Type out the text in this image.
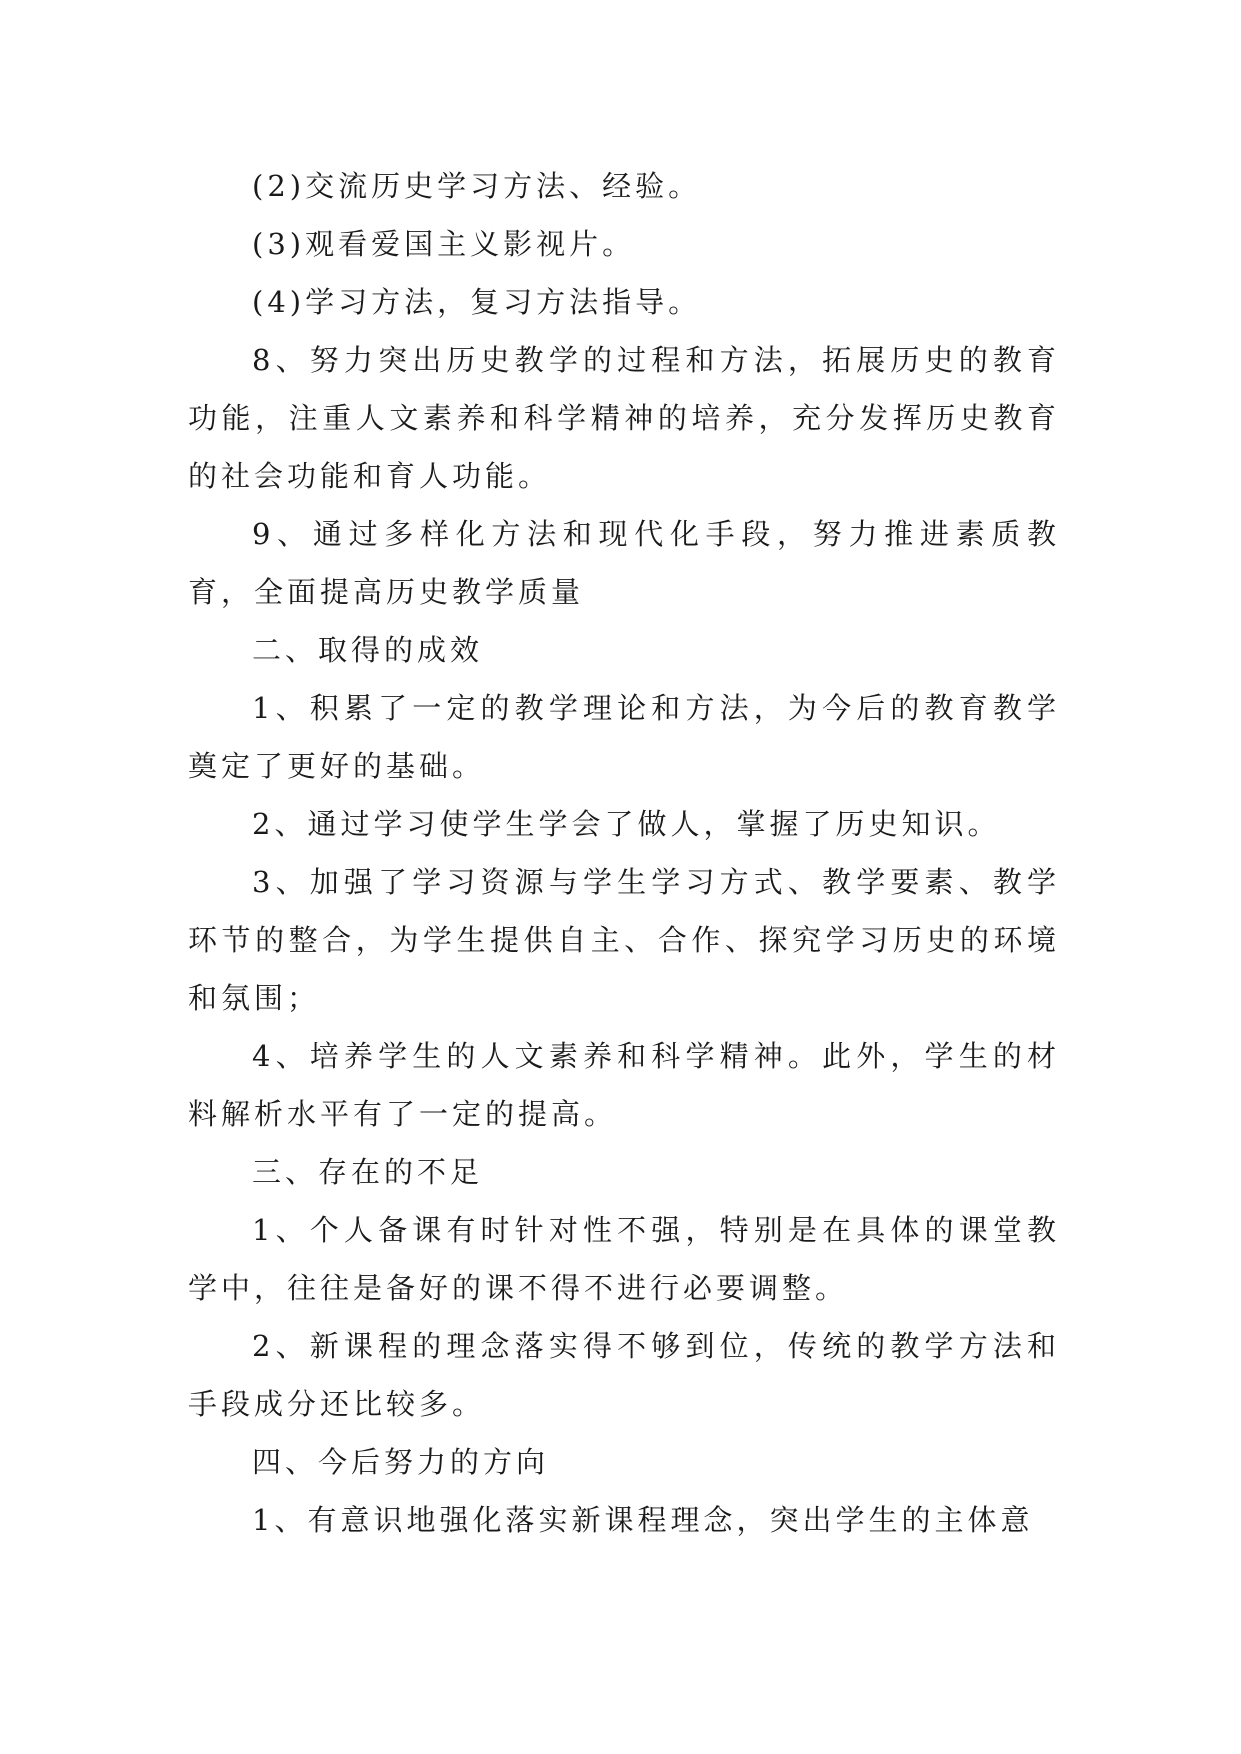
(2)交流历史学习方法、经验。

(3)观看爱国主义影视片。

(4)学习方法，复习方法指导。

8、努力突出历史教学的过程和方法，拓展历史的教育功能，注重人文素养和科学精神的培养，充分发挥历史教育的社会功能和育人功能。

9、通过多样化方法和现代化手段，努力推进素质教育，全面提高历史教学质量

二、取得的成效

1、积累了一定的教学理论和方法，为今后的教育教学奠定了更好的基础。

2、通过学习使学生学会了做人，掌握了历史知识。

3、加强了学习资源与学生学习方式、教学要素、教学环节的整合，为学生提供自主、合作、探究学习历史的环境和氛围；

4、培养学生的人文素养和科学精神。此外，学生的材料解析水平有了一定的提高。

三、存在的不足

1、个人备课有时针对性不强，特别是在具体的课堂教学中，往往是备好的课不得不进行必要调整。

2、新课程的理念落实得不够到位，传统的教学方法和手段成分还比较多。

四、今后努力的方向

1、有意识地强化落实新课程理念，突出学生的主体意
